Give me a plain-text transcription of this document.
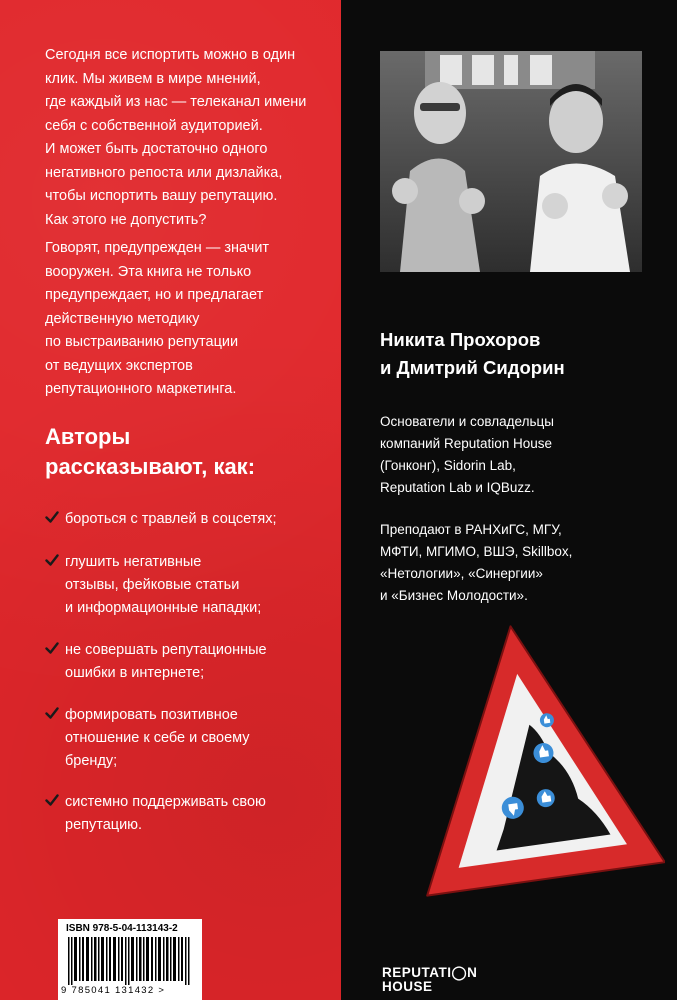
Сегодня все испортить можно в один
клик. Мы живем в мире мнений,
где каждый из нас — телеканал имени
себя с собственной аудиторией.
И может быть достаточно одного
негативного репоста или дизлайка,
чтобы испортить вашу репутацию.
Как этого не допустить?

Говорят, предупрежден — значит
вооружен. Эта книга не только
предупреждает, но и предлагает
действенную методику
по выстраиванию репутации
от ведущих экспертов
репутационного маркетинга.

Авторы
рассказывают, как:
бороться с травлей в соцсетях;
глушить негативные
отзывы, фейковые статьи
и информационные нападки;
не совершать репутационные
ошибки в интернете;
формировать позитивное
отношение к себе и своему
бренду;
системно поддерживать свою
репутацию.
ISBN 978-5-04-113143-2
9 785041 131432 >
Никита Прохоров
и Дмитрий Сидорин

Основатели и совладельцы
компаний Reputation House
(Гонконг), Sidorin Lab,
Reputation Lab и IQBuzz.

Преподают в РАНХиГС, МГУ,
МФТИ, МГИМО, ВШЭ, Skillbox,
«Нетологии», «Синергии»
и «Бизнес Молодости».

REPUTATI◯N
HOUSE
